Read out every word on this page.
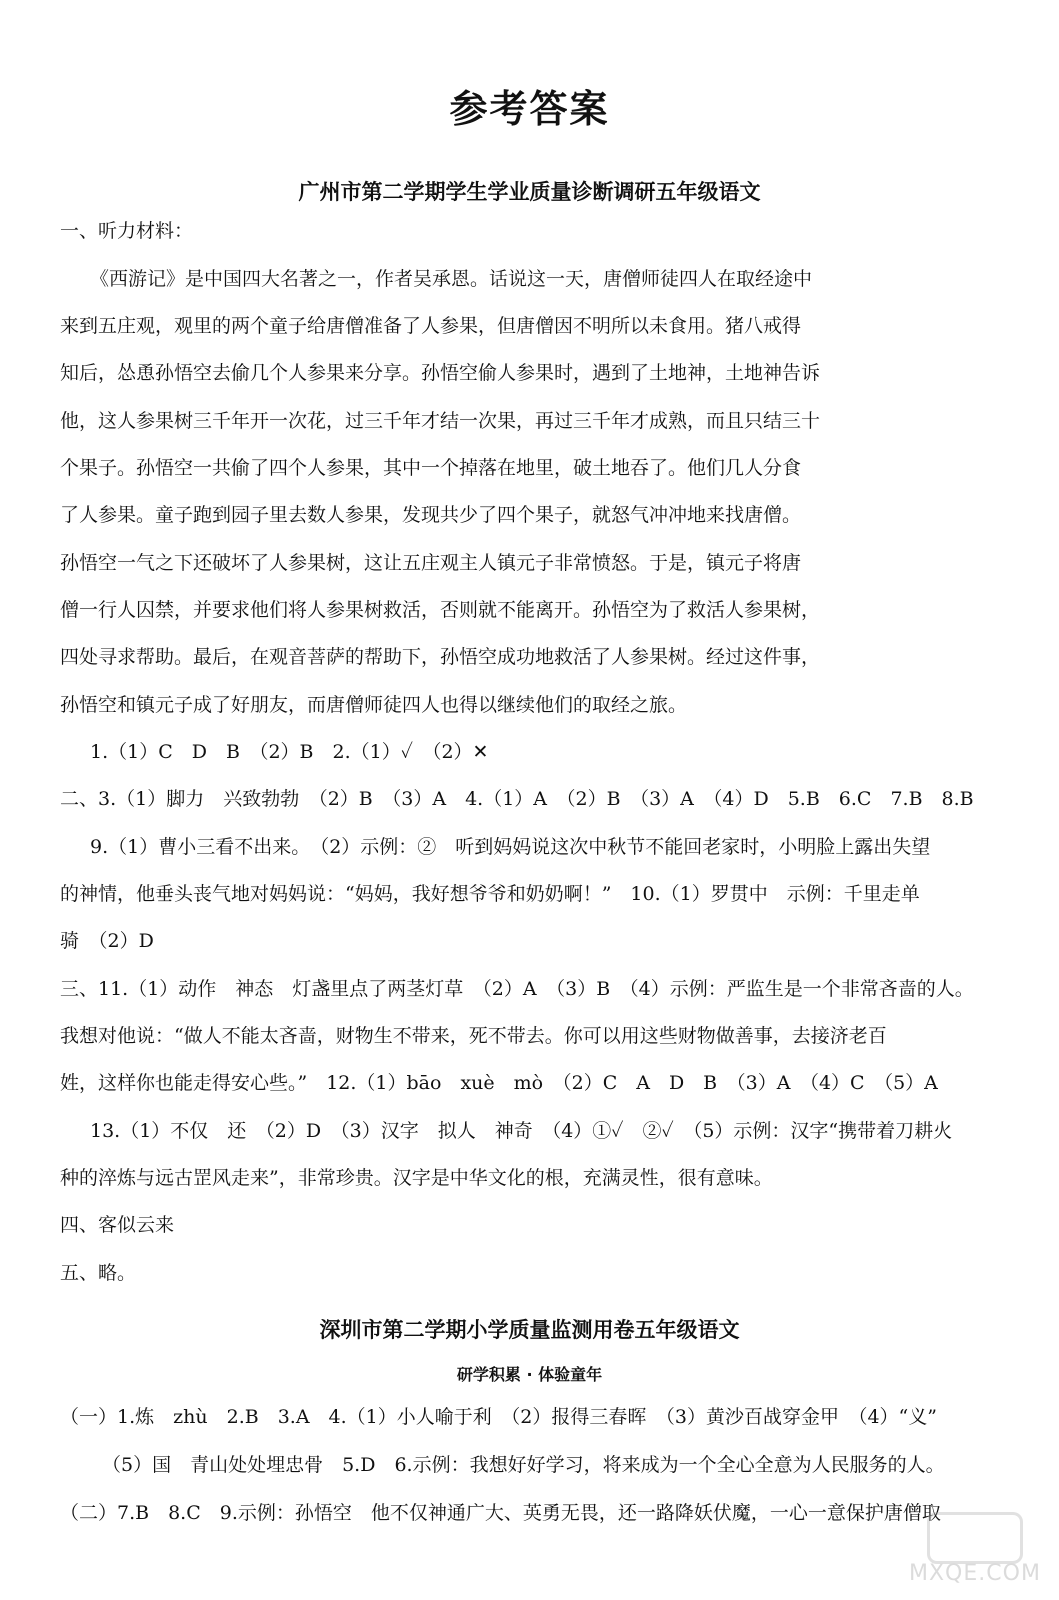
参考答案
广州市第二学期学生学业质量诊断调研五年级语文
一、听力材料：
《西游记》是中国四大名著之一，作者吴承恩。话说这一天，唐僧师徒四人在取经途中
来到五庄观，观里的两个童子给唐僧准备了人参果，但唐僧因不明所以未食用。猪八戒得
知后，怂恿孙悟空去偷几个人参果来分享。孙悟空偷人参果时，遇到了土地神，土地神告诉
他，这人参果树三千年开一次花，过三千年才结一次果，再过三千年才成熟，而且只结三十
个果子。孙悟空一共偷了四个人参果，其中一个掉落在地里，破土地吞了。他们几人分食
了人参果。童子跑到园子里去数人参果，发现共少了四个果子，就怒气冲冲地来找唐僧。
孙悟空一气之下还破坏了人参果树，这让五庄观主人镇元子非常愤怒。于是，镇元子将唐
僧一行人囚禁，并要求他们将人参果树救活，否则就不能离开。孙悟空为了救活人参果树，
四处寻求帮助。最后，在观音菩萨的帮助下，孙悟空成功地救活了人参果树。经过这件事，
孙悟空和镇元子成了好朋友，而唐僧师徒四人也得以继续他们的取经之旅。
1.（1）C　D　B　（2）B　2.（1）✓　（2）✕
二、3.（1）脚力　兴致勃勃　（2）B　（3）A　4.（1）A　（2）B　（3）A　（4）D　5.B　6.C　7.B　8.B
9.（1）曹小三看不出来。　（2）示例：②　听到妈妈说这次中秋节不能回老家时，小明脸上露出失望
的神情，他垂头丧气地对妈妈说：“妈妈，我好想爷爷和奶奶啊！”　10.（1）罗贯中　示例：千里走单
骑　（2）D
三、11.（1）动作　神态　灯盏里点了两茎灯草　（2）A　（3）B　（4）示例：严监生是一个非常吝啬的人。
我想对他说：“做人不能太吝啬，财物生不带来，死不带去。你可以用这些财物做善事，去接济老百
姓，这样你也能走得安心些。”　12.（1）bāo　xuè　mò　（2）C　A　D　B　（3）A　（4）C　（5）A
13.（1）不仅　还　（2）D　（3）汉字　拟人　神奇　（4）①✓　②✓　（5）示例：汉字“携带着刀耕火
种的淬炼与远古罡风走来”，非常珍贵。汉字是中华文化的根，充满灵性，很有意味。
四、客似云来
五、略。
深圳市第二学期小学质量监测用卷五年级语文
研学积累 · 体验童年
（一）1.炼　zhù　2.B　3.A　4.（1）小人喻于利　（2）报得三春晖　（3）黄沙百战穿金甲　（4）“义”
（5）国　青山处处埋忠骨　5.D　6.示例：我想好好学习，将来成为一个全心全意为人民服务的人。
（二）7.B　8.C　9.示例：孙悟空　他不仅神通广大、英勇无畏，还一路降妖伏魔，一心一意保护唐僧取
MXQE.COM
